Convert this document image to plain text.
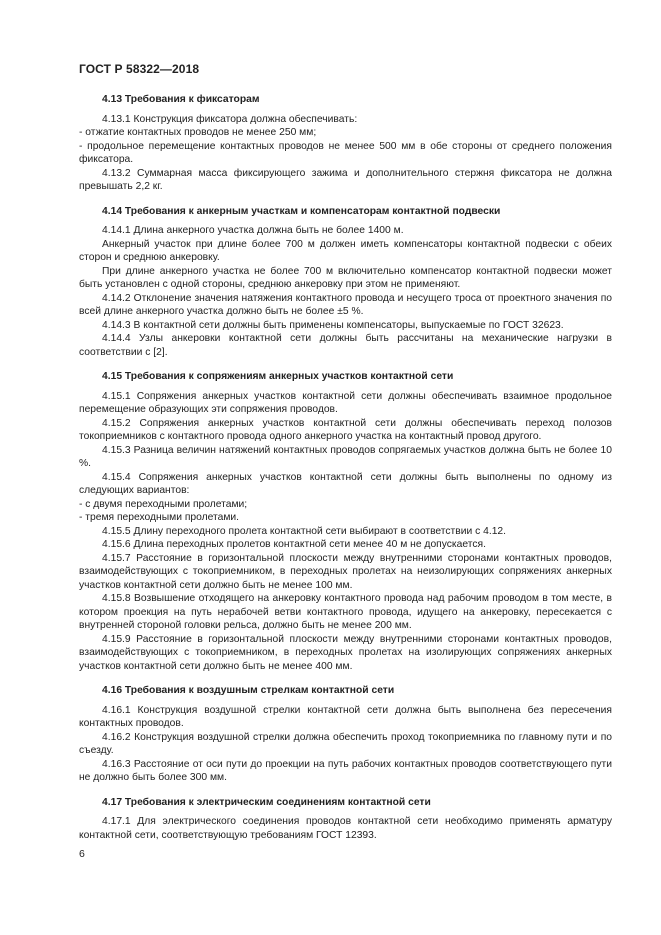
ГОСТ Р 58322—2018

4.13 Требования к фиксаторам

4.13.1 Конструкция фиксатора должна обеспечивать:

- отжатие контактных проводов не менее 250 мм;

- продольное перемещение контактных проводов не менее 500 мм в обе стороны от среднего положения фиксатора.

4.13.2 Суммарная масса фиксирующего зажима и дополнительного стержня фиксатора не должна превышать 2,2 кг.

4.14 Требования к анкерным участкам и компенсаторам контактной подвески

4.14.1 Длина анкерного участка должна быть не более 1400 м.

Анкерный участок при длине более 700 м должен иметь компенсаторы контактной подвески с обеих сторон и среднюю анкеровку.

При длине анкерного участка не более 700 м включительно компенсатор контактной подвески может быть установлен с одной стороны, среднюю анкеровку при этом не применяют.

4.14.2 Отклонение значения натяжения контактного провода и несущего троса от проектного значения по всей длине анкерного участка должно быть не более ±5 %.

4.14.3 В контактной сети должны быть применены компенсаторы, выпускаемые по ГОСТ 32623.

4.14.4 Узлы анкеровки контактной сети должны быть рассчитаны на механические нагрузки в соответствии с [2].

4.15 Требования к сопряжениям анкерных участков контактной сети

4.15.1 Сопряжения анкерных участков контактной сети должны обеспечивать взаимное продольное перемещение образующих эти сопряжения проводов.

4.15.2 Сопряжения анкерных участков контактной сети должны обеспечивать переход полозов токоприемников с контактного провода одного анкерного участка на контактный провод другого.

4.15.3 Разница величин натяжений контактных проводов сопрягаемых участков должна быть не более 10 %.

4.15.4 Сопряжения анкерных участков контактной сети должны быть выполнены по одному из следующих вариантов:

- с двумя переходными пролетами;

- тремя переходными пролетами.

4.15.5 Длину переходного пролета контактной сети выбирают в соответствии с 4.12.

4.15.6 Длина переходных пролетов контактной сети менее 40 м не допускается.

4.15.7 Расстояние в горизонтальной плоскости между внутренними сторонами контактных проводов, взаимодействующих с токоприемником, в переходных пролетах на неизолирующих сопряжениях анкерных участков контактной сети должно быть не менее 100 мм.

4.15.8 Возвышение отходящего на анкеровку контактного провода над рабочим проводом в том месте, в котором проекция на путь нерабочей ветви контактного провода, идущего на анкеровку, пересекается с внутренней стороной головки рельса, должно быть не менее 200 мм.

4.15.9 Расстояние в горизонтальной плоскости между внутренними сторонами контактных проводов, взаимодействующих с токоприемником, в переходных пролетах на изолирующих сопряжениях анкерных участков контактной сети должно быть не менее 400 мм.

4.16 Требования к воздушным стрелкам контактной сети

4.16.1 Конструкция воздушной стрелки контактной сети должна быть выполнена без пересечения контактных проводов.

4.16.2 Конструкция воздушной стрелки должна обеспечить проход токоприемника по главному пути и по съезду.

4.16.3 Расстояние от оси пути до проекции на путь рабочих контактных проводов соответствующего пути не должно быть более 300 мм.

4.17 Требования к электрическим соединениям контактной сети

4.17.1 Для электрического соединения проводов контактной сети необходимо применять арматуру контактной сети, соответствующую требованиям ГОСТ 12393.

6
